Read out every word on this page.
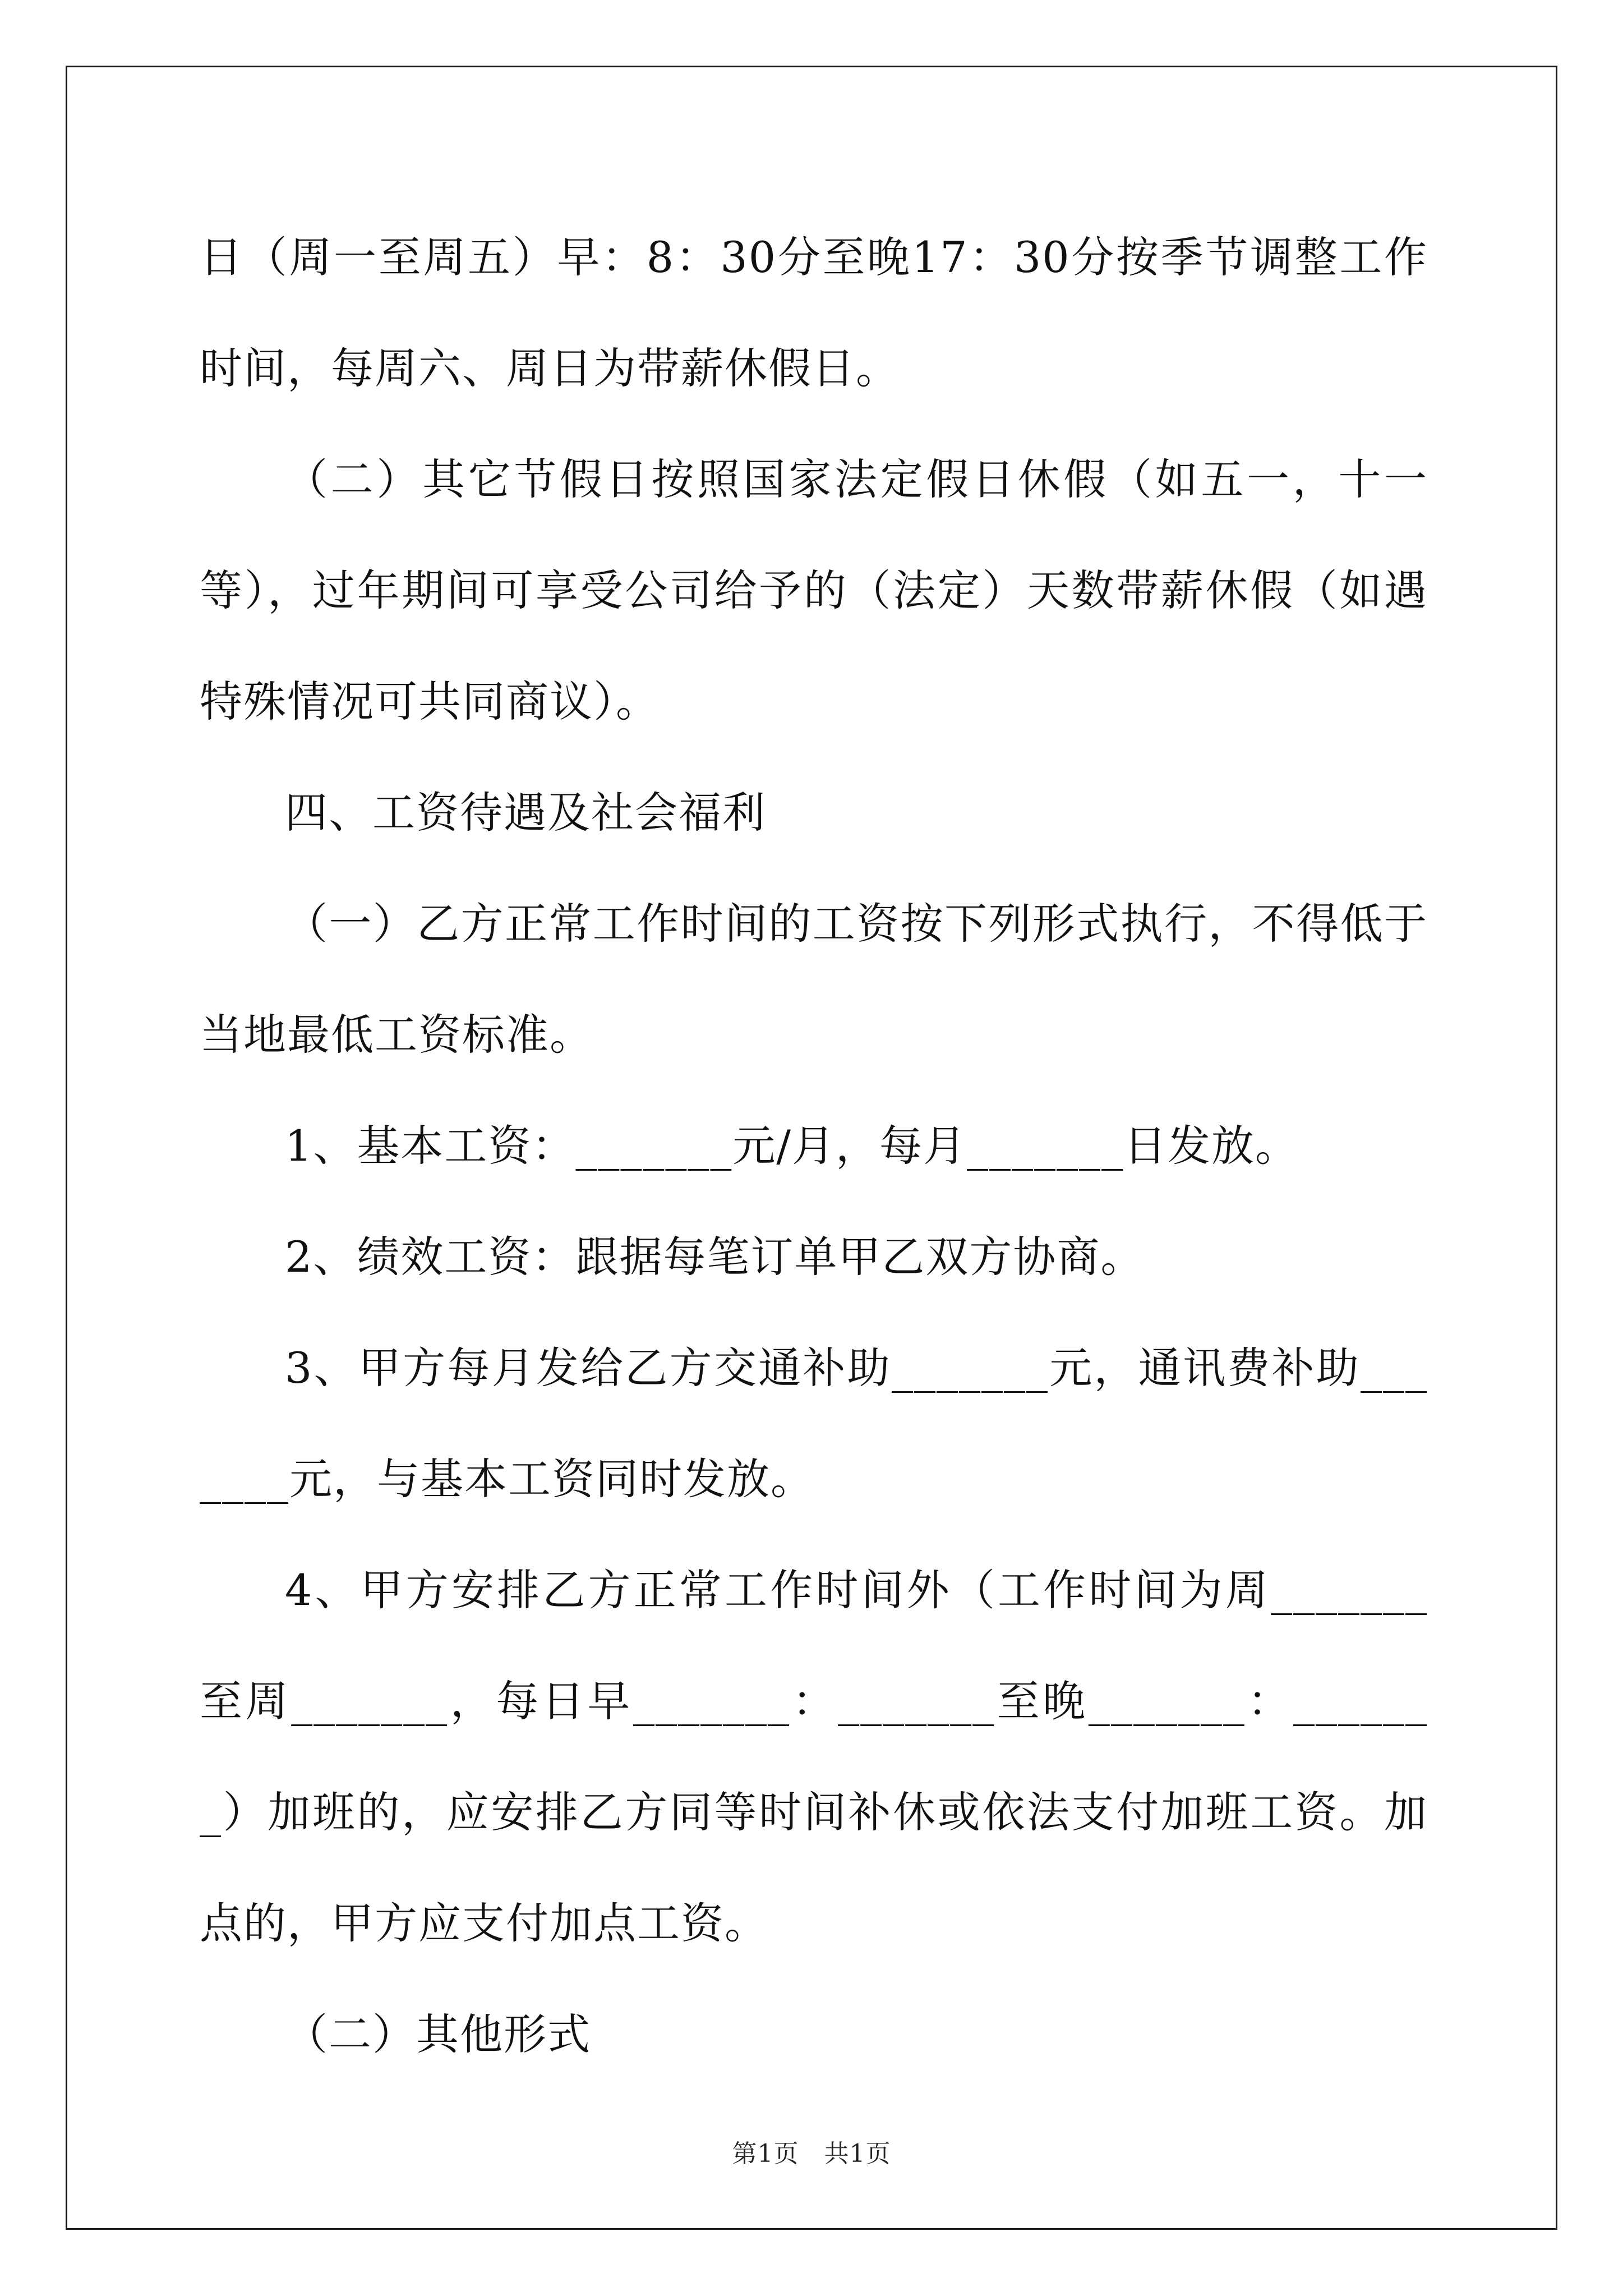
日（周一至周五）早：8：30分至晚17：30分按季节调整工作时间，每周六、周日为带薪休假日。

（二）其它节假日按照国家法定假日休假（如五一，十一等），过年期间可享受公司给予的（法定）天数带薪休假（如遇特殊情况可共同商议）。

四、工资待遇及社会福利

（一）乙方正常工作时间的工资按下列形式执行，不得低于当地最低工资标准。

1、基本工资：_______元/月，每月_______日发放。

2、绩效工资：跟据每笔订单甲乙双方协商。

3、甲方每月发给乙方交通补助_______元，通讯费补助_______元，与基本工资同时发放。

4、甲方安排乙方正常工作时间外（工作时间为周_______至周_______，每日早_______：_______至晚_______：_______）加班的，应安排乙方同等时间补休或依法支付加班工资。加点的，甲方应支付加点工资。

（二）其他形式

第1页　共1页
